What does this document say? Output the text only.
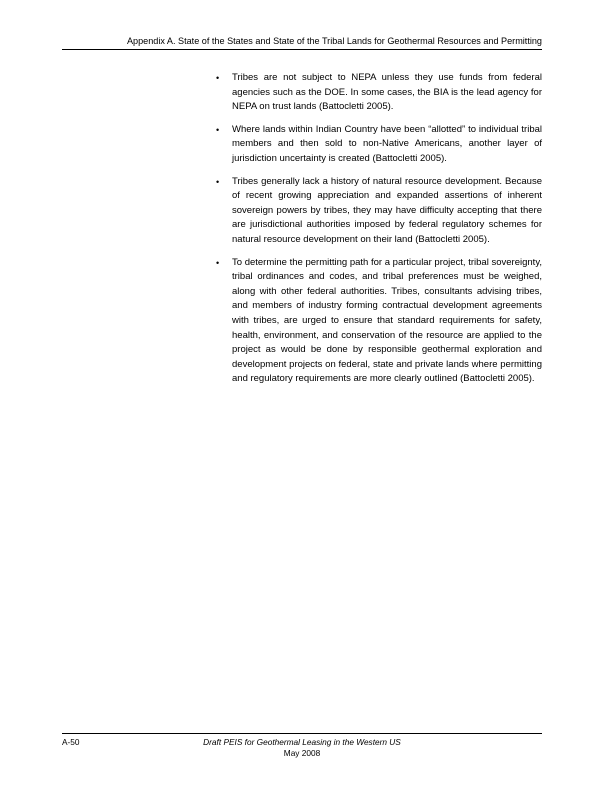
Appendix A. State of the States and State of the Tribal Lands for Geothermal Resources and Permitting
• Tribes are not subject to NEPA unless they use funds from federal agencies such as the DOE. In some cases, the BIA is the lead agency for NEPA on trust lands (Battocletti 2005).
• Where lands within Indian Country have been “allotted” to individual tribal members and then sold to non-Native Americans, another layer of jurisdiction uncertainty is created (Battocletti 2005).
• Tribes generally lack a history of natural resource development. Because of recent growing appreciation and expanded assertions of inherent sovereign powers by tribes, they may have difficulty accepting that there are jurisdictional authorities imposed by federal regulatory schemes for natural resource development on their land (Battocletti 2005).
• To determine the permitting path for a particular project, tribal sovereignty, tribal ordinances and codes, and tribal preferences must be weighed, along with other federal authorities. Tribes, consultants advising tribes, and members of industry forming contractual development agreements with tribes, are urged to ensure that standard requirements for safety, health, environment, and conservation of the resource are applied to the project as would be done by responsible geothermal exploration and development projects on federal, state and private lands where permitting and regulatory requirements are more clearly outlined (Battocletti 2005).
A-50	Draft PEIS for Geothermal Leasing in the Western US
May 2008
